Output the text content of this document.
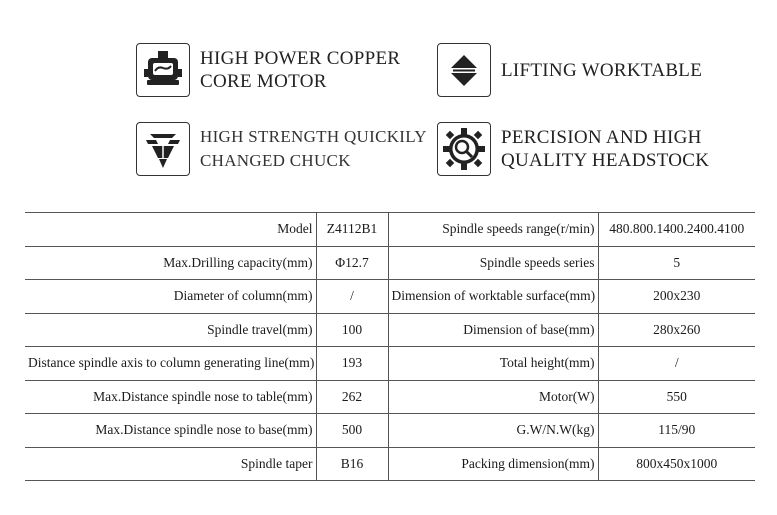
HIGH POWER COPPER
CORE MOTOR
LIFTING WORKTABLE
HIGH STRENGTH QUICKILY
CHANGED CHUCK
PERCISION AND HIGH
QUALITY HEADSTOCK
Model	Z4112B1	Spindle speeds range(r/min)	480.800.1400.2400.4100
Max.Drilling capacity(mm)	Φ12.7	Spindle speeds series	5
Diameter of column(mm)	/	Dimension of worktable surface(mm)	200x230
Spindle travel(mm)	100	Dimension of base(mm)	280x260
Distance spindle axis to column generating line(mm)	193	Total height(mm)	/
Max.Distance spindle nose to table(mm)	262	Motor(W)	550
Max.Distance spindle nose to base(mm)	500	G.W/N.W(kg)	115/90
Spindle taper	B16	Packing dimension(mm)	800x450x1000
